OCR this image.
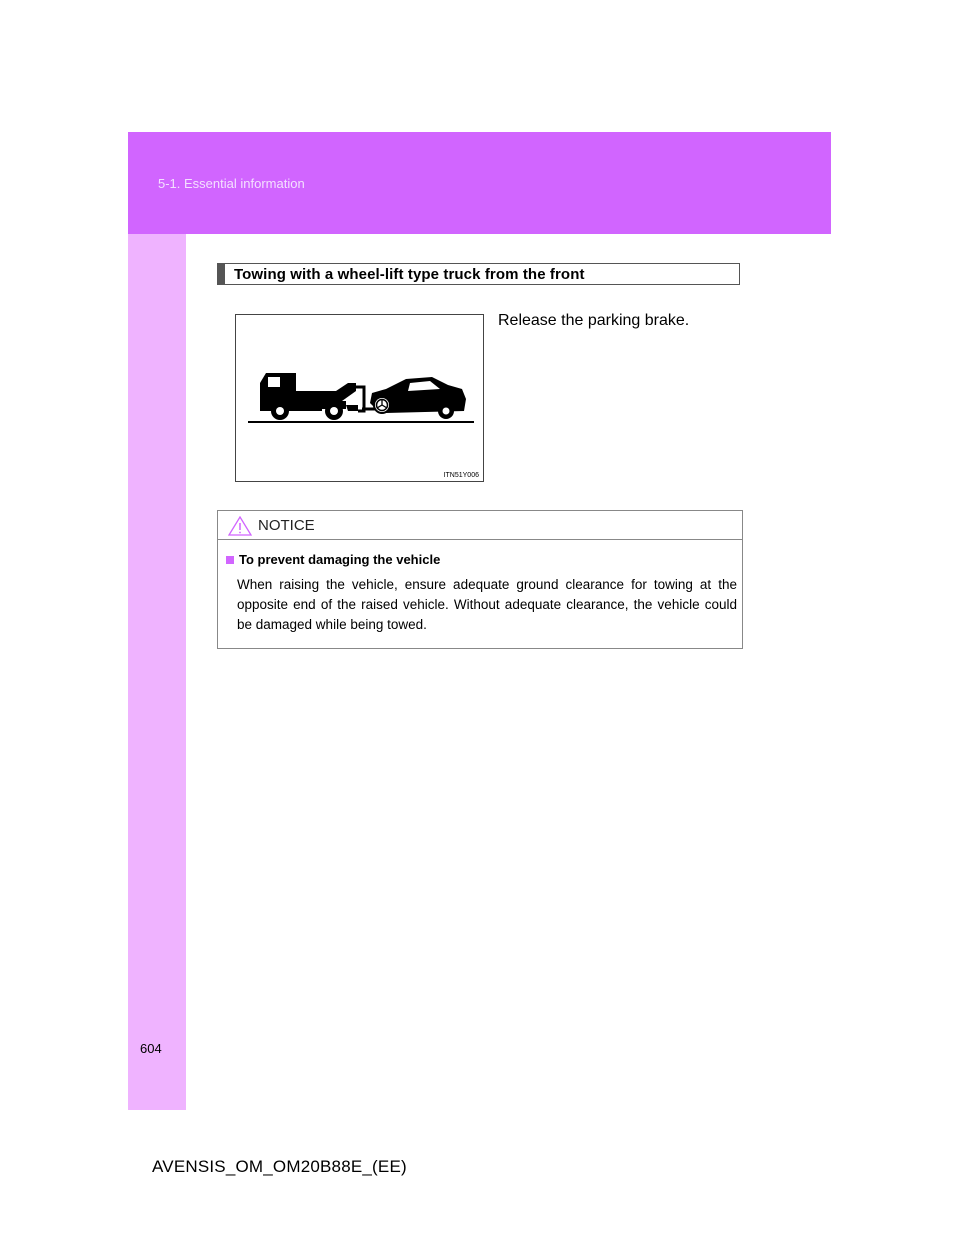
5-1. Essential information
Towing with a wheel-lift type truck from the front
ITN51Y006
Release the parking brake.
NOTICE
To prevent damaging the vehicle
When raising the vehicle, ensure adequate ground clearance for towing at the opposite end of the raised vehicle. Without adequate clearance, the vehicle could be damaged while being towed.
604
AVENSIS_OM_OM20B88E_(EE)
